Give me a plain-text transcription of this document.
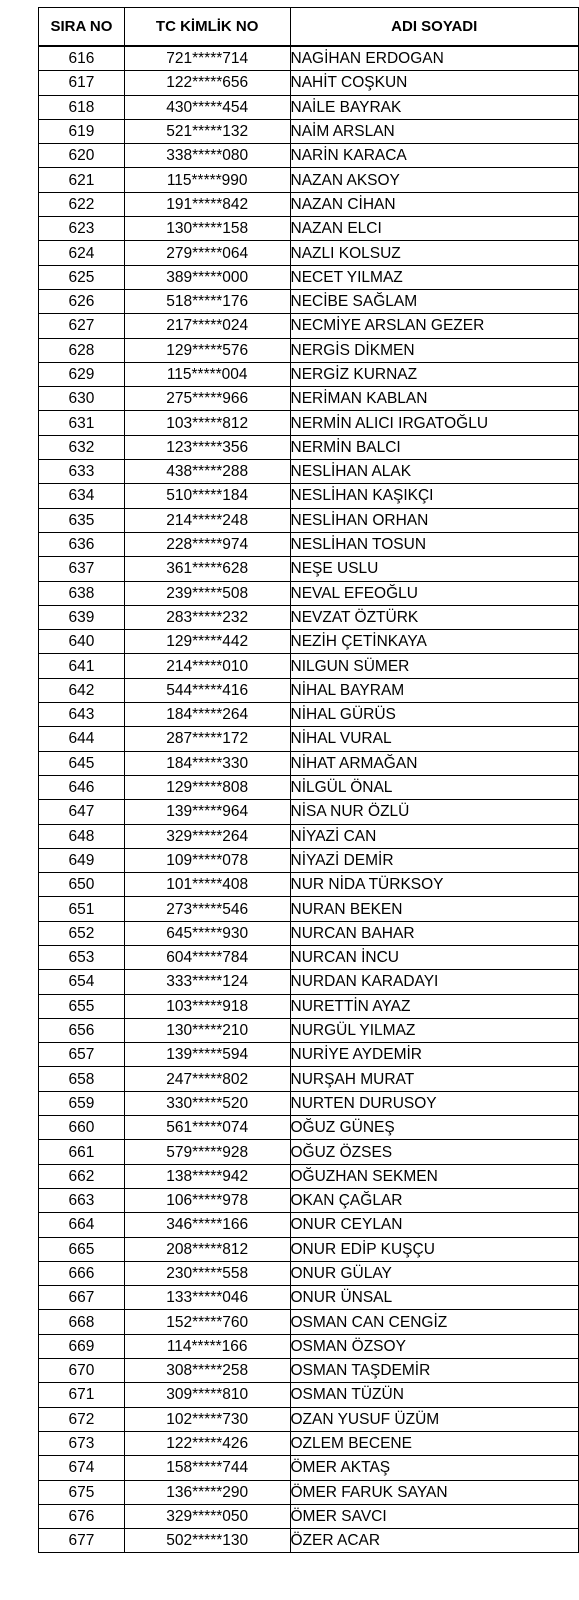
SIRA NO	TC KİMLİK NO	ADI SOYADI
616	721*****714	NAGİHAN ERDOGAN
617	122*****656	NAHİT COŞKUN
618	430*****454	NAİLE BAYRAK
619	521*****132	NAİM ARSLAN
620	338*****080	NARİN KARACA
621	115*****990	NAZAN AKSOY
622	191*****842	NAZAN CİHAN
623	130*****158	NAZAN ELCI
624	279*****064	NAZLI KOLSUZ
625	389*****000	NECET YILMAZ
626	518*****176	NECİBE SAĞLAM
627	217*****024	NECMİYE ARSLAN GEZER
628	129*****576	NERGİS DİKMEN
629	115*****004	NERGİZ KURNAZ
630	275*****966	NERİMAN KABLAN
631	103*****812	NERMİN ALICI IRGATOĞLU
632	123*****356	NERMİN BALCI
633	438*****288	NESLİHAN ALAK
634	510*****184	NESLİHAN KAŞIKÇI
635	214*****248	NESLİHAN ORHAN
636	228*****974	NESLİHAN TOSUN
637	361*****628	NEŞE USLU
638	239*****508	NEVAL EFEOĞLU
639	283*****232	NEVZAT ÖZTÜRK
640	129*****442	NEZİH ÇETİNKAYA
641	214*****010	NILGUN SÜMER
642	544*****416	NİHAL BAYRAM
643	184*****264	NİHAL GÜRÜS
644	287*****172	NİHAL VURAL
645	184*****330	NİHAT ARMAĞAN
646	129*****808	NİLGÜL ÖNAL
647	139*****964	NİSA NUR ÖZLÜ
648	329*****264	NİYAZİ CAN
649	109*****078	NİYAZİ DEMİR
650	101*****408	NUR NİDA TÜRKSOY
651	273*****546	NURAN BEKEN
652	645*****930	NURCAN BAHAR
653	604*****784	NURCAN İNCU
654	333*****124	NURDAN KARADAYI
655	103*****918	NURETTİN AYAZ
656	130*****210	NURGÜL YILMAZ
657	139*****594	NURİYE AYDEMİR
658	247*****802	NURŞAH MURAT
659	330*****520	NURTEN DURUSOY
660	561*****074	OĞUZ GÜNEŞ
661	579*****928	OĞUZ ÖZSES
662	138*****942	OĞUZHAN SEKMEN
663	106*****978	OKAN ÇAĞLAR
664	346*****166	ONUR CEYLAN
665	208*****812	ONUR EDİP KUŞÇU
666	230*****558	ONUR GÜLAY
667	133*****046	ONUR ÜNSAL
668	152*****760	OSMAN CAN CENGİZ
669	114*****166	OSMAN ÖZSOY
670	308*****258	OSMAN TAŞDEMİR
671	309*****810	OSMAN TÜZÜN
672	102*****730	OZAN YUSUF ÜZÜM
673	122*****426	OZLEM BECENE
674	158*****744	ÖMER AKTAŞ
675	136*****290	ÖMER FARUK SAYAN
676	329*****050	ÖMER SAVCI
677	502*****130	ÖZER ACAR
